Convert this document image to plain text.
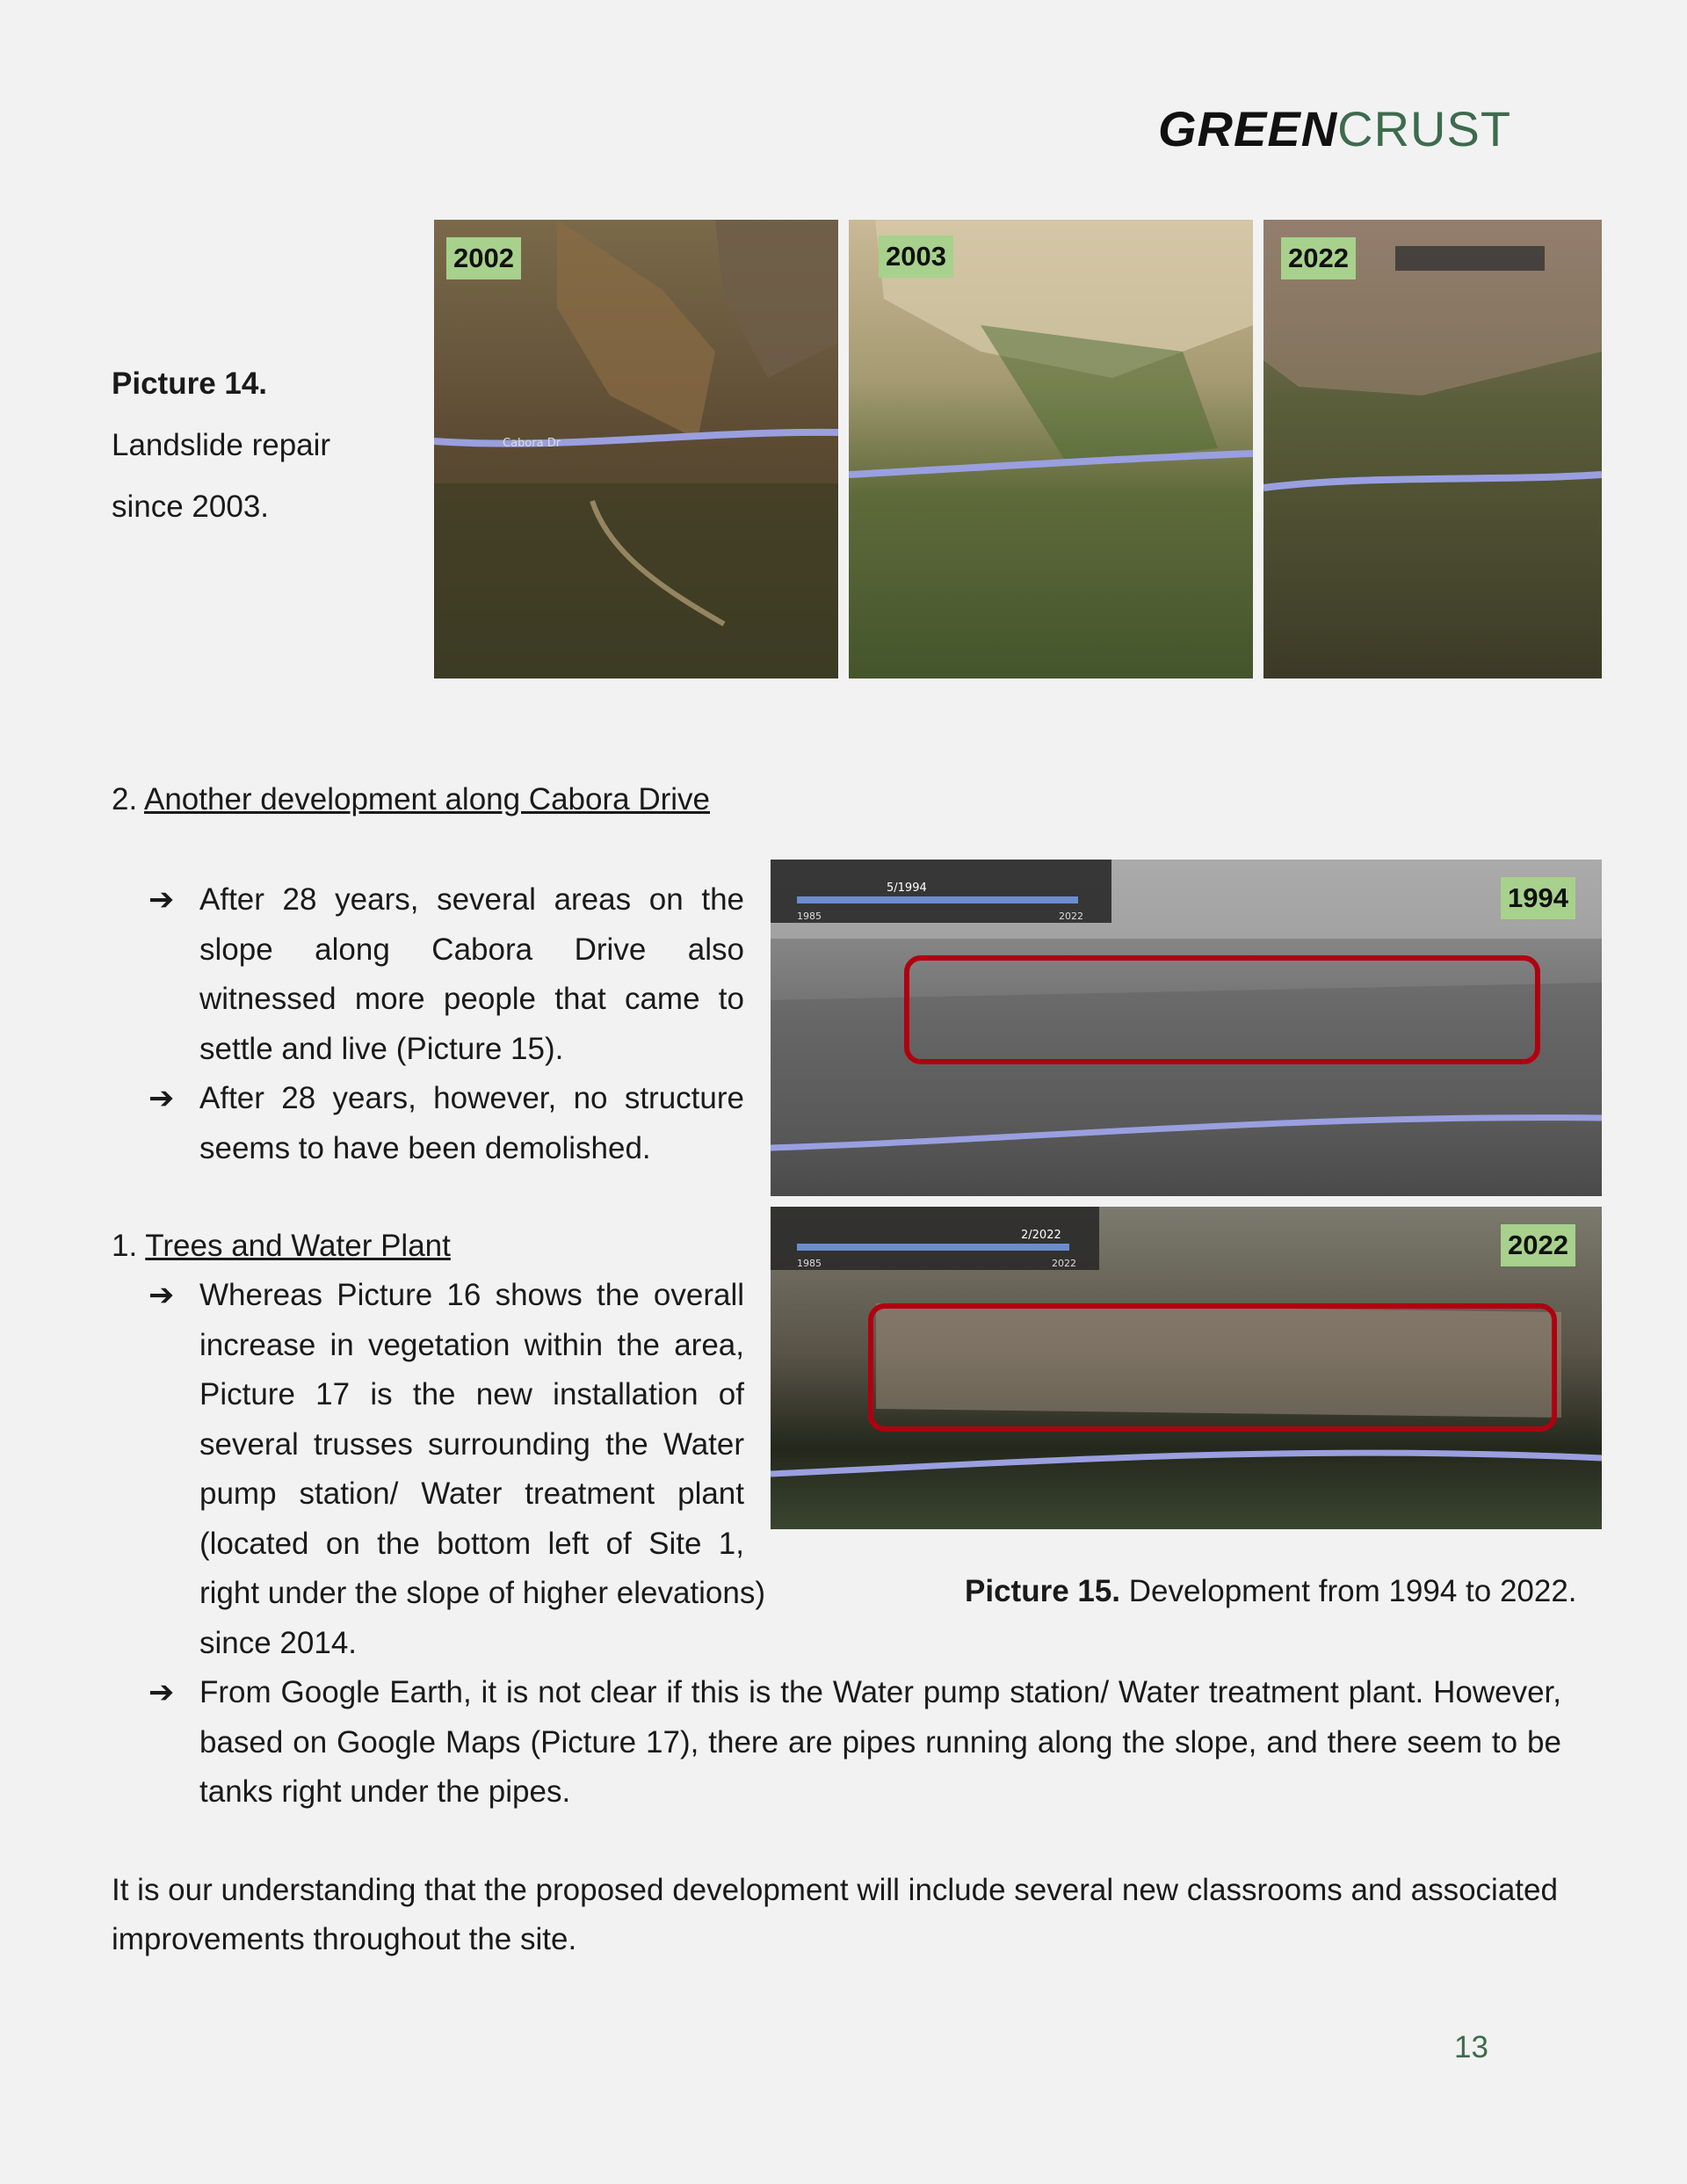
GREENCRUST
Picture 14.
Landslide repair
since 2003.
Cabora Dr
2002	2003	2022
2. Another development along Cabora Drive
➔ After 28 years, several areas on the slope along Cabora Drive also witnessed more people that came to settle and live (Picture 15).
➔ After 28 years, however, no structure seems to have been demolished.
5/1994
1985	2022
1994
2/2022
1985	2022
2022
1. Trees and Water Plant
➔ Whereas Picture 16 shows the overall increase in vegetation within the area, Picture 17 is the new installation of several trusses surrounding the Water pump station/ Water treatment plant (located on the bottom left of Site 1,
right under the slope of higher elevations)
since 2014.
Picture 15. Development from 1994 to 2022.
➔ From Google Earth, it is not clear if this is the Water pump station/ Water treatment plant. However, based on Google Maps (Picture 17), there are pipes running along the slope, and there seem to be tanks right under the pipes.
It is our understanding that the proposed development will include several new classrooms and associated improvements throughout the site.
13
